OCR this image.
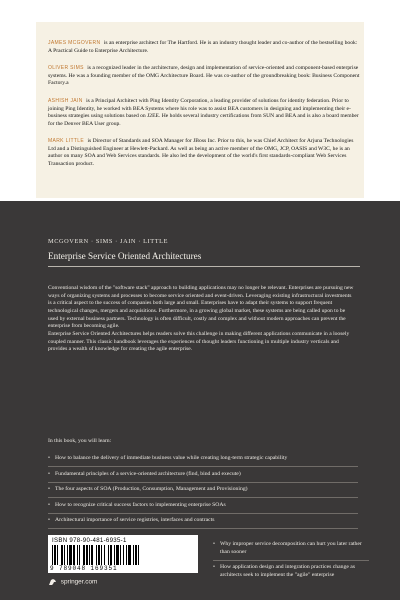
JAMES MCGOVERN is an enterprise architect for The Hartford. He is an industry thought leader and co-author of the bestselling book: A Practical Guide to Enterprise Architecture.
OLIVER SIMS is a recognized leader in the architecture, design and implementation of service-oriented and component-based enterprise systems. He was a founding member of the OMG Architecture Board. He was co-author of the groundbreaking book: Business Component Factory.a
ASHISH JAIN is a Principal Architect with Ping Identity Corporation, a leading provider of solutions for identity federation. Prior to joining Ping Identity, he worked with BEA Systems where his role was to assist BEA customers in designing and implementing their e-business strategies using solutions based on J2EE. He holds several industry certifications from SUN and BEA and is also a board member for the Denver BEA User group.
MARK LITTLE is Director of Standards and SOA Manager for JBoss Inc. Prior to this, he was Chief Architect for Arjuna Technologies Ltd and a Distinguished Engineer at Hewlett-Packard. As well as being an active member of the OMG, JCP, OASIS and W3C, he is an author on many SOA and Web Services standards. He also led the development of the world's first standards-compliant Web Services Transaction product.
MCGOVERN · SIMS · JAIN · LITTLE
Enterprise Service Oriented Architectures

Conventional wisdom of the "software stack" approach to building applications may no longer be relevant. Enterprises are pursuing new ways of organizing systems and processes to become service oriented and event-driven. Leveraging existing infrastructural investments is a critical aspect to the success of companies both large and small. Enterprises have to adapt their systems to support frequent technological changes, mergers and acquisitions. Furthermore, in a growing global market, these systems are being called upon to be used by external business partners. Technology is often difficult, costly and complex and without modern approaches can prevent the enterprise from becoming agile.

Enterprise Service Oriented Architectures helps readers solve this challenge in making different applications communicate in a loosely coupled manner. This classic handbook leverages the experiences of thought leaders functioning in multiple industry verticals and provides a wealth of knowledge for creating the agile enterprise.

In this book, you will learn:
• How to balance the delivery of immediate business value while creating long-term strategic capability
• Fundamental principles of a service-oriented architecture (find, bind and execute)
• The four aspects of SOA (Production, Consumption, Management and Provisioning)
• How to recognize critical success factors to implementing enterprise SOAs
• Architectural importance of service registries, interfaces and contracts
• Why improper service decomposition can hurt you later rather than sooner
• How application design and integration practices change as architects seek to implement the "agile" enterprise
ISBN 978-90-481-6935-1
9 789048 169351
springer.com
